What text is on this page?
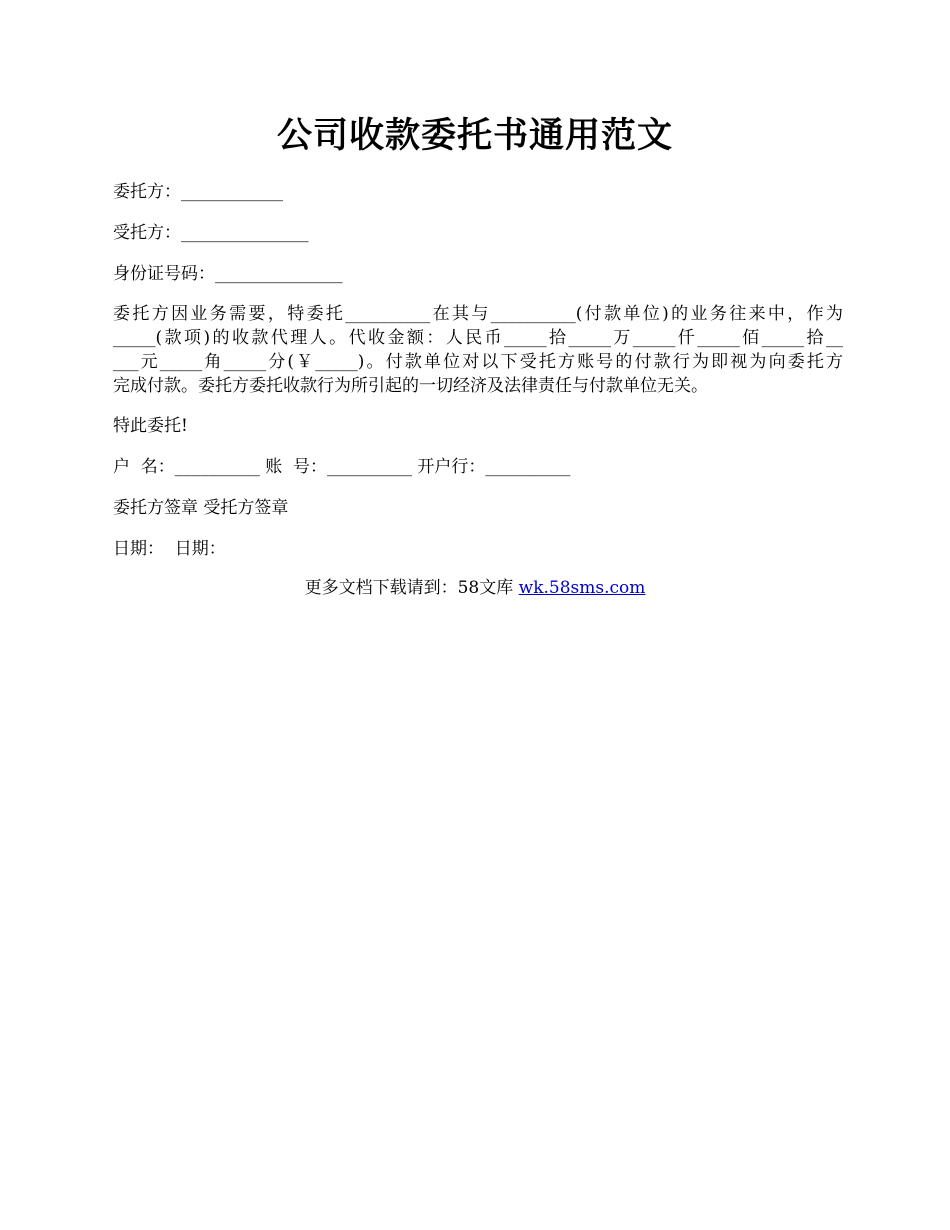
公司收款委托书通用范文
委托方：____________
受托方：_______________
身份证号码：_______________
委托方因业务需要，特委托__________在其与__________(付款单位)的业务往来中，作为
_____(款项)的收款代理人。代收金额：人民币_____拾_____万_____仟_____佰_____拾__
___元_____角_____分(￥_____)。付款单位对以下受托方账号的付款行为即视为向委托方
完成付款。委托方委托收款行为所引起的一切经济及法律责任与付款单位无关。
特此委托!
户  名：__________ 账  号：__________ 开户行：__________
委托方签章 受托方签章
日期：  日期：
更多文档下载请到：58文库 wk.58sms.com
